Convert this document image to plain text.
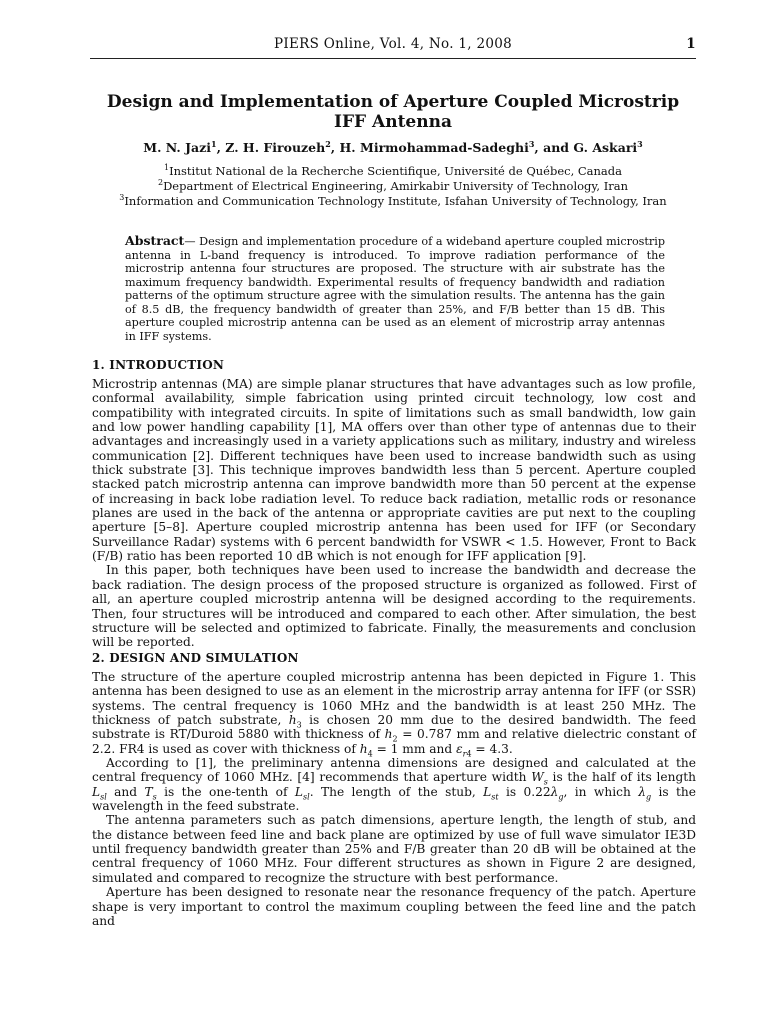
PIERS Online, Vol. 4, No. 1, 2008	1
Design and Implementation of Aperture Coupled Microstrip IFF Antenna
M. N. Jazi$^1$, Z. H. Firouzeh$^2$, H. Mirmohammad-Sadeghi$^3$, and G. Askari$^3$
$^1$Institut National de la Recherche Scientifique, Université de Québec, Canada
$^2$Department of Electrical Engineering, Amirkabir University of Technology, Iran
$^3$Information and Communication Technology Institute, Isfahan University of Technology, Iran
Abstract— Design and implementation procedure of a wideband aperture coupled microstrip antenna in L-band frequency is introduced. To improve radiation performance of the microstrip antenna four structures are proposed. The structure with air substrate has the maximum frequency bandwidth. Experimental results of frequency bandwidth and radiation patterns of the optimum structure agree with the simulation results. The antenna has the gain of 8.5 dB, the frequency bandwidth of greater than 25%, and F/B better than 15 dB. This aperture coupled microstrip antenna can be used as an element of microstrip array antennas in IFF systems.
1. INTRODUCTION

Microstrip antennas (MA) are simple planar structures that have advantages such as low profile, conformal availability, simple fabrication using printed circuit technology, low cost and compatibility with integrated circuits. In spite of limitations such as small bandwidth, low gain and low power handling capability [1], MA offers over than other type of antennas due to their advantages and increasingly used in a variety applications such as military, industry and wireless communication [2]. Different techniques have been used to increase bandwidth such as using thick substrate [3]. This technique improves bandwidth less than 5 percent. Aperture coupled stacked patch microstrip antenna can improve bandwidth more than 50 percent at the expense of increasing in back lobe radiation level. To reduce back radiation, metallic rods or resonance planes are used in the back of the antenna or appropriate cavities are put next to the coupling aperture [5–8]. Aperture coupled microstrip antenna has been used for IFF (or Secondary Surveillance Radar) systems with 6 percent bandwidth for VSWR < 1.5. However, Front to Back (F/B) ratio has been reported 10 dB which is not enough for IFF application [9].

In this paper, both techniques have been used to increase the bandwidth and decrease the back radiation. The design process of the proposed structure is organized as followed. First of all, an aperture coupled microstrip antenna will be designed according to the requirements. Then, four structures will be introduced and compared to each other. After simulation, the best structure will be selected and optimized to fabricate. Finally, the measurements and conclusion will be reported.

2. DESIGN AND SIMULATION

The structure of the aperture coupled microstrip antenna has been depicted in Figure 1. This antenna has been designed to use as an element in the microstrip array antenna for IFF (or SSR) systems. The central frequency is 1060 MHz and the bandwidth is at least 250 MHz. The thickness of patch substrate, $h_3$ is chosen 20 mm due to the desired bandwidth. The feed substrate is RT/Duroid 5880 with thickness of $h_2 = 0.787$ mm and relative dielectric constant of 2.2. FR4 is used as cover with thickness of $h_4 = 1$ mm and $\varepsilon_{r4} = 4.3$.

According to [1], the preliminary antenna dimensions are designed and calculated at the central frequency of 1060 MHz. [4] recommends that aperture width $W_s$ is the half of its length $L_{sl}$ and $T_s$ is the one-tenth of $L_{sl}$. The length of the stub, $L_{st}$ is $0.22\lambda_g$, in which $\lambda_g$ is the wavelength in the feed substrate.

The antenna parameters such as patch dimensions, aperture length, the length of stub, and the distance between feed line and back plane are optimized by use of full wave simulator IE3D until frequency bandwidth greater than 25% and F/B greater than 20 dB will be obtained at the central frequency of 1060 MHz. Four different structures as shown in Figure 2 are designed, simulated and compared to recognize the structure with best performance.

Aperture has been designed to resonate near the resonance frequency of the patch. Aperture shape is very important to control the maximum coupling between the feed line and the patch and
